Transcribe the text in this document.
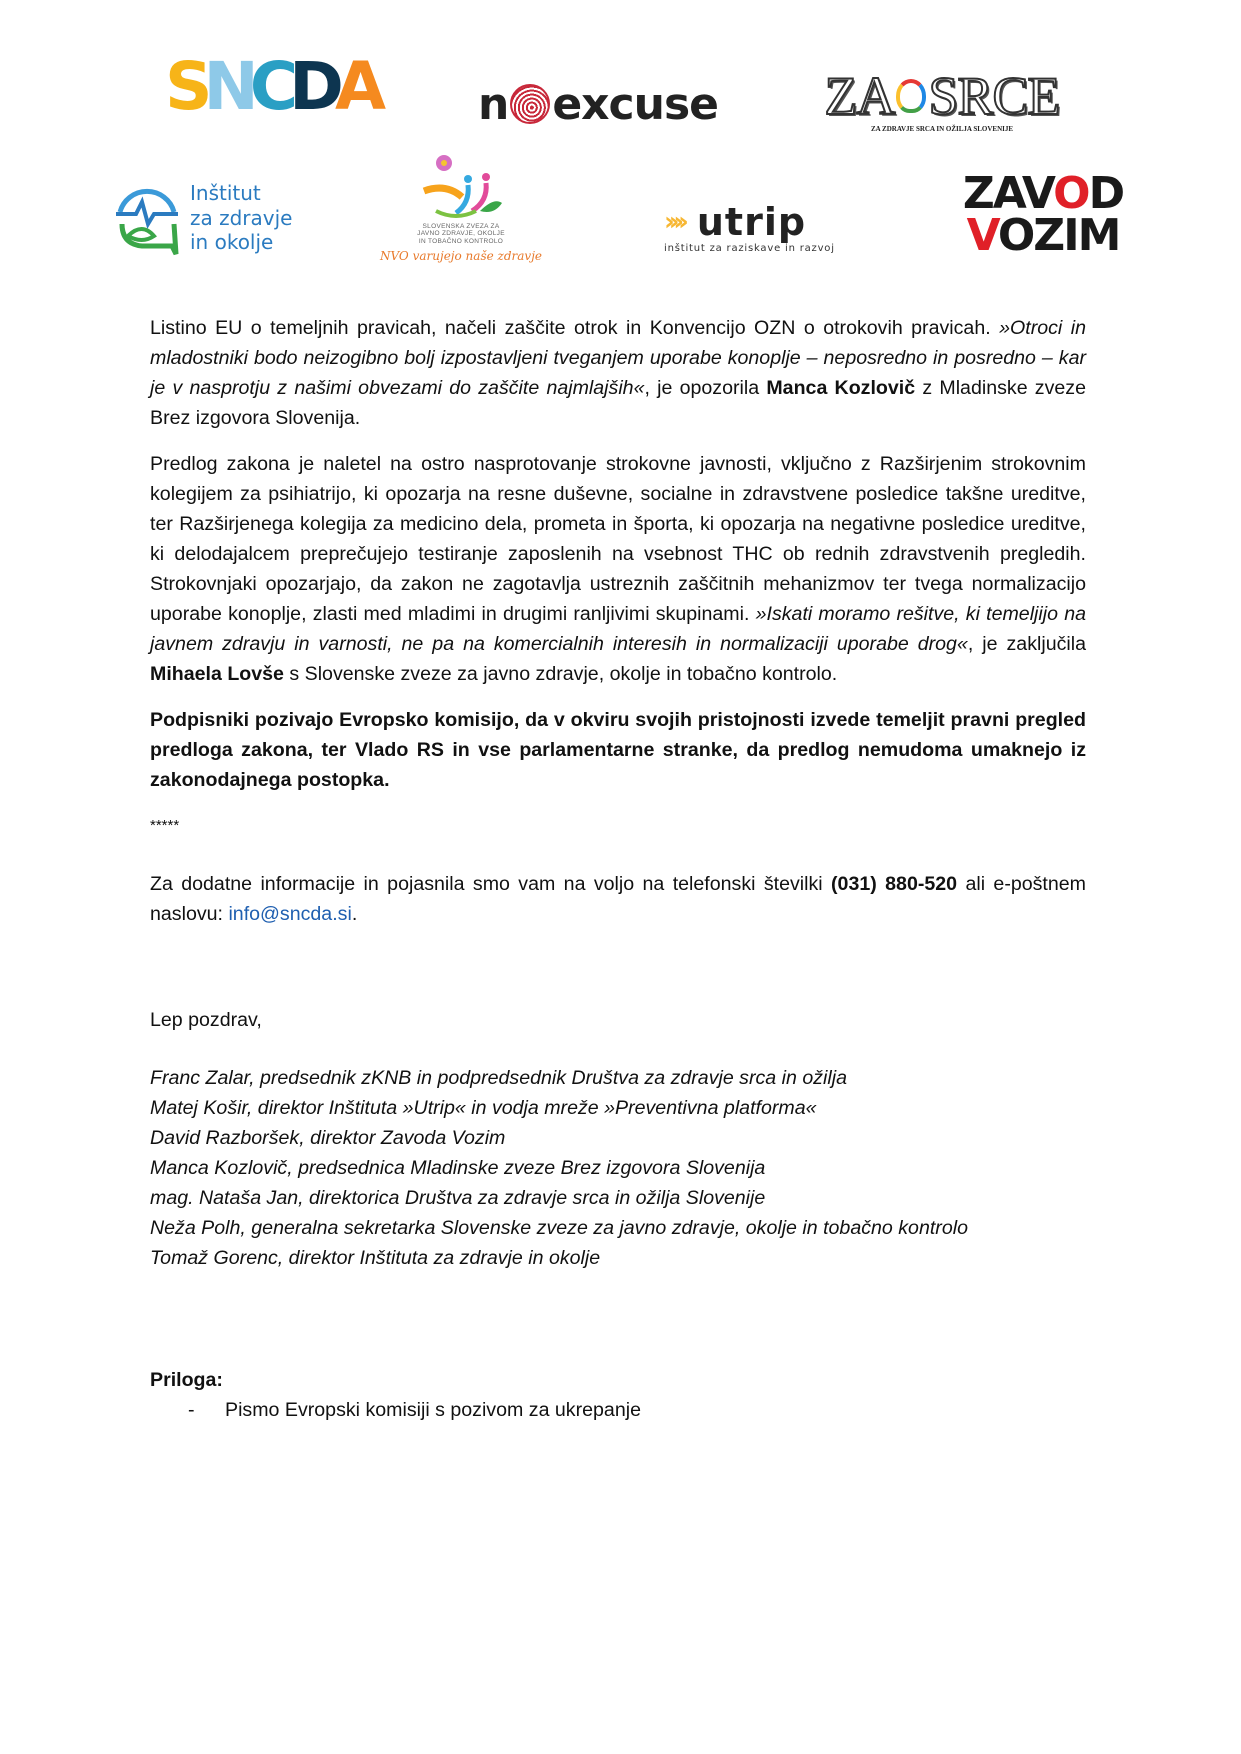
S N C D A n excuse ZA SRCE
ZA ZDRAVJE SRCA IN OŽILJA SLOVENIJE
Inštitut
za zdravje
in okolje
SLOVENSKA ZVEZA ZA
JAVNO ZDRAVJE, OKOLJE
IN TOBAČNO KONTROLO
NVO varujejo naše zdravje
›››› utrip
inštitut za raziskave in razvoj
ZAVOD
VOZIM

Listino EU o temeljnih pravicah, načeli zaščite otrok in Konvencijo OZN o otrokovih pravicah. »Otroci in mladostniki bodo neizogibno bolj izpostavljeni tveganjem uporabe konoplje – neposredno in posredno – kar je v nasprotju z našimi obvezami do zaščite najmlajših«, je opozorila Manca Kozlovič z Mladinske zveze Brez izgovora Slovenija.

Predlog zakona je naletel na ostro nasprotovanje strokovne javnosti, vključno z Razširjenim strokovnim kolegijem za psihiatrijo, ki opozarja na resne duševne, socialne in zdravstvene posledice takšne ureditve, ter Razširjenega kolegija za medicino dela, prometa in športa, ki opozarja na negativne posledice ureditve, ki delodajalcem preprečujejo testiranje zaposlenih na vsebnost THC ob rednih zdravstvenih pregledih. Strokovnjaki opozarjajo, da zakon ne zagotavlja ustreznih zaščitnih mehanizmov ter tvega normalizacijo uporabe konoplje, zlasti med mladimi in drugimi ranljivimi skupinami. »Iskati moramo rešitve, ki temeljijo na javnem zdravju in varnosti, ne pa na komercialnih interesih in normalizaciji uporabe drog«, je zaključila Mihaela Lovše s Slovenske zveze za javno zdravje, okolje in tobačno kontrolo.

Podpisniki pozivajo Evropsko komisijo, da v okviru svojih pristojnosti izvede temeljit pravni pregled predloga zakona, ter Vlado RS in vse parlamentarne stranke, da predlog nemudoma umaknejo iz zakonodajnega postopka.

*****

Za dodatne informacije in pojasnila smo vam na voljo na telefonski številki (031) 880-520 ali e-poštnem naslovu: info@sncda.si.

Lep pozdrav,

Franc Zalar, predsednik zKNB in podpredsednik Društva za zdravje srca in ožilja

Matej Košir, direktor Inštituta »Utrip« in vodja mreže »Preventivna platforma«

David Razboršek, direktor Zavoda Vozim

Manca Kozlovič, predsednica Mladinske zveze Brez izgovora Slovenija

mag. Nataša Jan, direktorica Društva za zdravje srca in ožilja Slovenije

Neža Polh, generalna sekretarka Slovenske zveze za javno zdravje, okolje in tobačno kontrolo

Tomaž Gorenc, direktor Inštituta za zdravje in okolje

Priloga:

-	Pismo Evropski komisiji s pozivom za ukrepanje
